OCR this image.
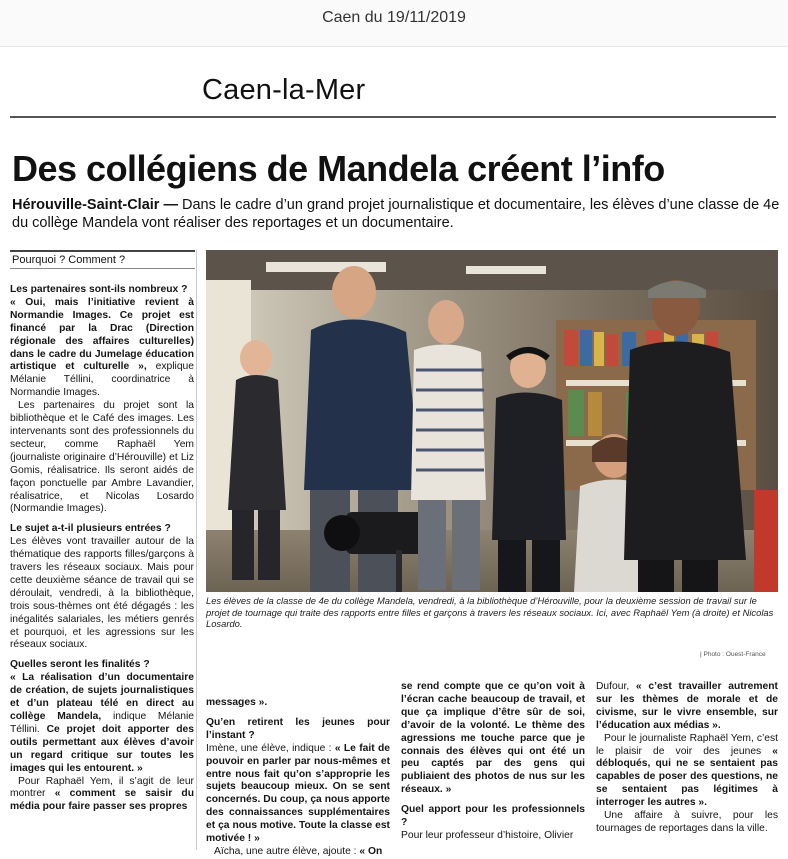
Caen du 19/11/2019
Caen-la-Mer
Des collégiens de Mandela créent l’info
Hérouville-Saint-Clair — Dans le cadre d’un grand projet journalistique et documentaire, les élèves d’une classe de 4e du collège Mandela vont réaliser des reportages et un documentaire.
Pourquoi ? Comment ?

Les partenaires sont-ils nombreux ?

« Oui, mais l’initiative revient à Normandie Images. Ce projet est financé par la Drac (Direction régionale des affaires culturelles) dans le cadre du Jumelage éducation artistique et culturelle », explique Mélanie Téllini, coordinatrice à Normandie Images.

Les partenaires du projet sont la bibliothèque et le Café des images. Les intervenants sont des professionnels du secteur, comme Raphaël Yem (journaliste originaire d’Hérouville) et Liz Gomis, réalisatrice. Ils seront aidés de façon ponctuelle par Ambre Lavandier, réalisatrice, et Nicolas Losardo (Normandie Images).

Le sujet a-t-il plusieurs entrées ?

Les élèves vont travailler autour de la thématique des rapports filles/garçons à travers les réseaux sociaux. Mais pour cette deuxième séance de travail qui se déroulait, vendredi, à la bibliothèque, trois sous-thèmes ont été dégagés : les inégalités salariales, les métiers genrés et pourquoi, et les agressions sur les réseaux sociaux.

Quelles seront les finalités ?

« La réalisation d’un documentaire de création, de sujets journalistiques et d’un plateau télé en direct au collège Mandela, indique Mélanie Téllini. Ce projet doit apporter des outils permettant aux élèves d’avoir un regard critique sur toutes les images qui les entourent. »

Pour Raphaël Yem, il s’agit de leur montrer « comment se saisir du média pour faire passer ses propres

Les élèves de la classe de 4e du collège Mandela, vendredi, à la bibliothèque d’Hérouville, pour la deuxième session de travail sur le projet de tournage qui traite des rapports entre filles et garçons à travers les réseaux sociaux. Ici, avec Raphaël Yem (à droite) et Nicolas Losardo.
| Photo : Ouest-France

messages ».

Qu’en retirent les jeunes pour l’instant ?

Imène, une élève, indique : « Le fait de pouvoir en parler par nous-mêmes et entre nous fait qu’on s’approprie les sujets beaucoup mieux. On se sent concernés. Du coup, ça nous apporte des connaissances supplémentaires et ça nous motive. Toute la classe est motivée ! »

Aïcha, une autre élève, ajoute : « On

se rend compte que ce qu’on voit à l’écran cache beaucoup de travail, et que ça implique d’être sûr de soi, d’avoir de la volonté. Le thème des agressions me touche parce que je connais des élèves qui ont été un peu captés par des gens qui publiaient des photos de nus sur les réseaux. »

Quel apport pour les professionnels ?

Pour leur professeur d’histoire, Olivier

Dufour, « c’est travailler autrement sur les thèmes de morale et de civisme, sur le vivre ensemble, sur l’éducation aux médias ».

Pour le journaliste Raphaël Yem, c’est le plaisir de voir des jeunes « débloqués, qui ne se sentaient pas capables de poser des questions, ne se sentaient pas légitimes à interroger les autres ».

Une affaire à suivre, pour les tournages de reportages dans la ville.
